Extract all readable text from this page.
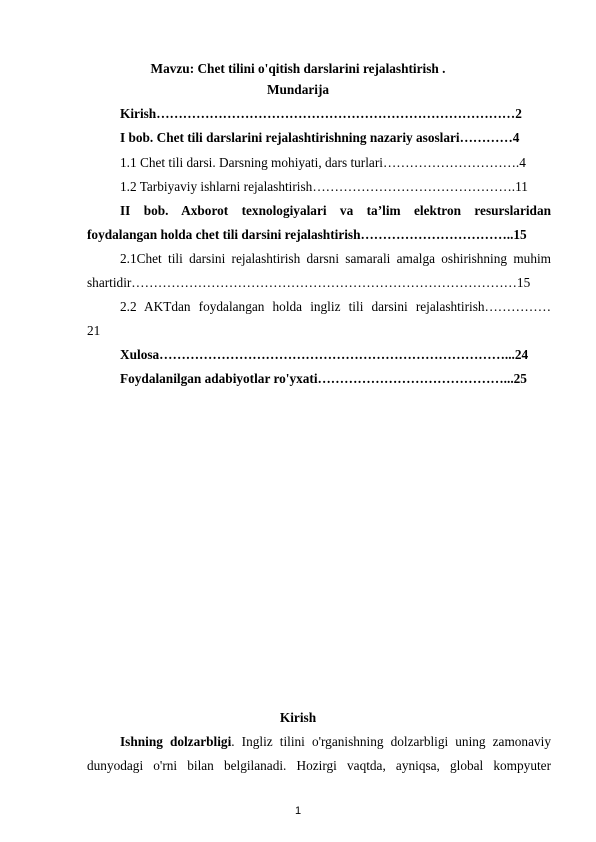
Mavzu: Chet tilini o'qitish darslarini rejalashtirish .
Mundarija
Kirish………………………………………………………………………2
I bob. Chet tili darslarini rejalashtirishning nazariy asoslari…………4
1.1 Chet tili darsi. Darsning mohiyati, dars turlari………………………….4
1.2 Tarbiyaviy ishlarni rejalashtirish……………………………………….11
II bob. Axborot texnologiyalari va ta’lim elektron resurslaridan
foydalangan holda chet tili darsini rejalashtirish……………………………..15
2.1Chet tili darsini rejalashtirish darsni samarali amalga oshirishning muhim
shartidir……………………………………………………………………………15
2.2 AKTdan foydalangan holda ingliz tili darsini rejalashtirish……………
21
Xulosa……………………………………………………………………...24
Foydalanilgan adabiyotlar ro'yxati……………………………………...25
Kirish
Ishning dolzarbligi. Ingliz tilini o'rganishning dolzarbligi uning zamonaviy
dunyodagi o'rni bilan belgilanadi. Hozirgi vaqtda, ayniqsa, global kompyuter
1
